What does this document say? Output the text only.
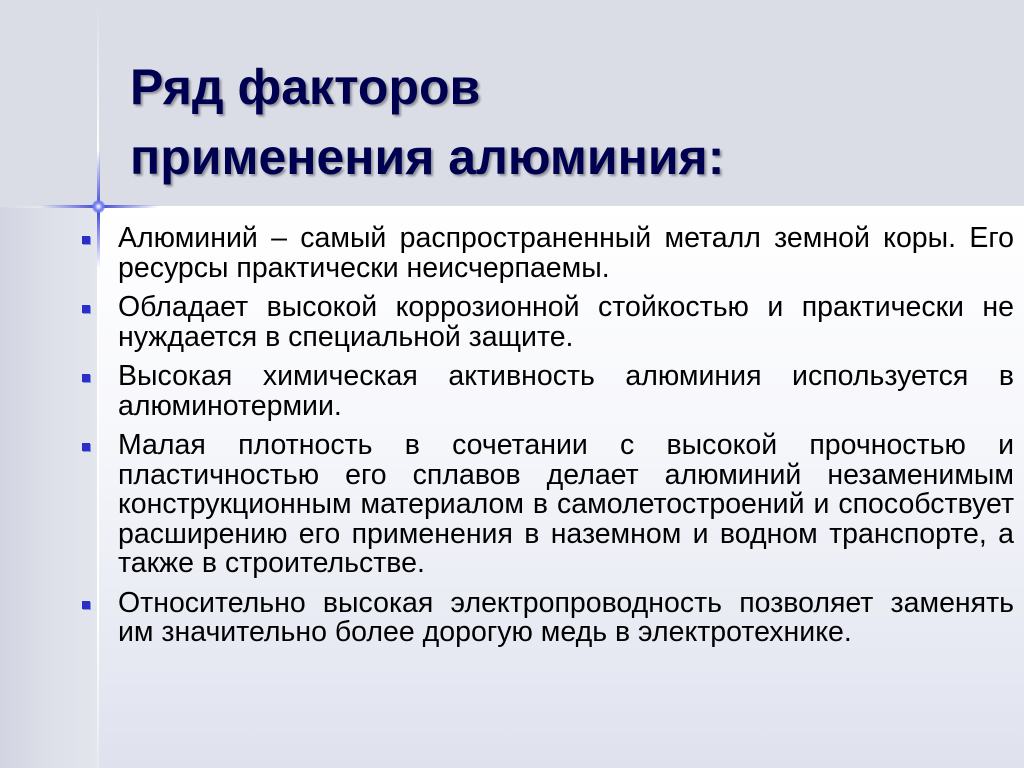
Ряд факторов
применения алюминия:
Алюминий – самый распространенный металл земной коры. Его ресурсы практически неисчерпаемы.
Обладает высокой коррозионной стойкостью и практически не нуждается в специальной защите.
Высокая химическая активность алюминия используется в алюминотермии.
Малая плотность в сочетании с высокой прочностью и пластичностью его сплавов делает алюминий незаменимым конструкционным материалом в самолетостроений и способствует расширению его применения в наземном и водном транспорте, а также в строительстве.
Относительно высокая электропроводность позволяет заменять им значительно более дорогую медь в электротехнике.
